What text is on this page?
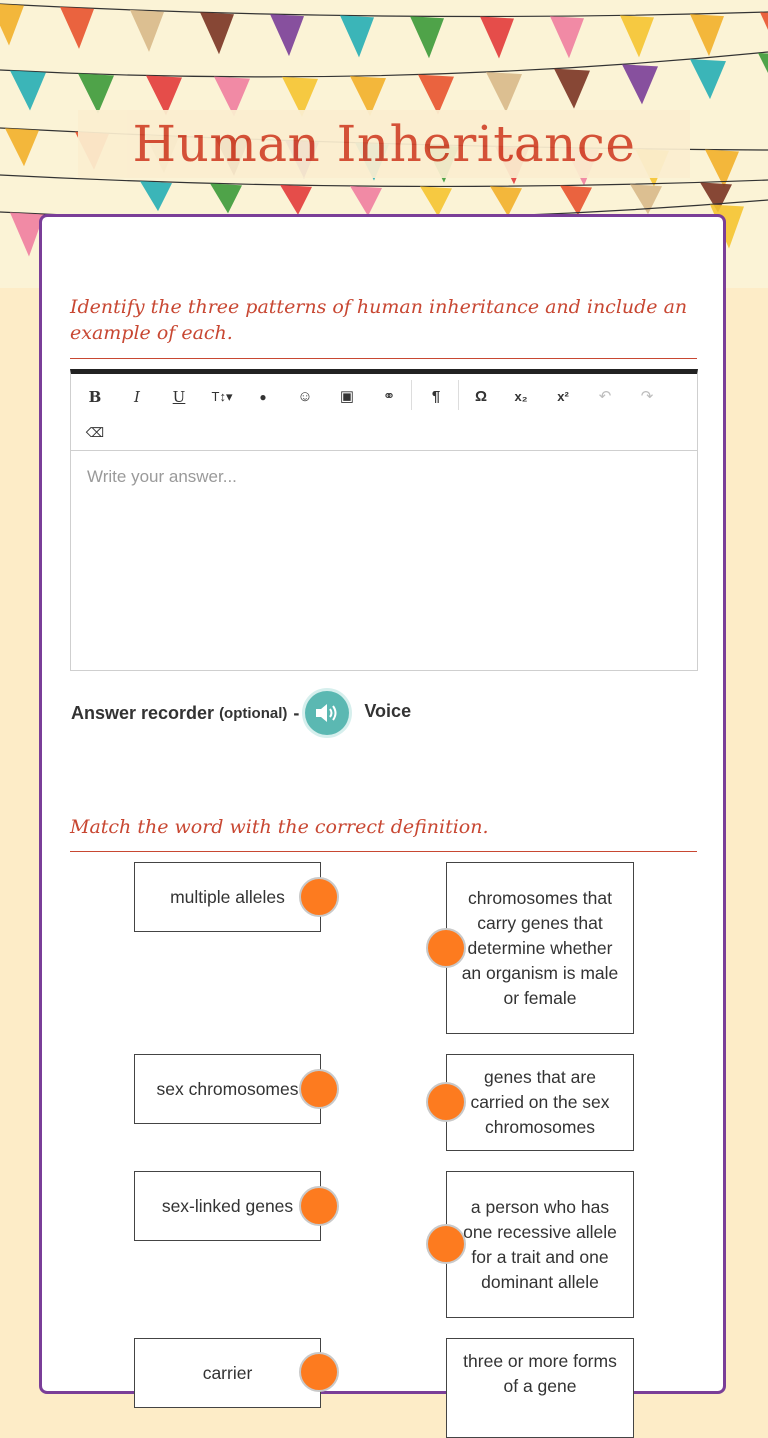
Human Inheritance
Identify the three patterns of human inheritance and include an example of each.
B	I	U	T↕▾	●	☺	▣	⚭	¶	Ω	x₂	x²	↶	↷
⌫
Write your answer...
Answer recorder (optional) -	Voice
Match the word with the correct definition.
multiple alleles
sex chromosomes
sex-linked genes
carrier
chromosomes that carry genes that determine whether an organism is male or female
genes that are carried on the sex chromosomes
a person who has one recessive allele for a trait and one dominant allele
three or more forms of a gene
